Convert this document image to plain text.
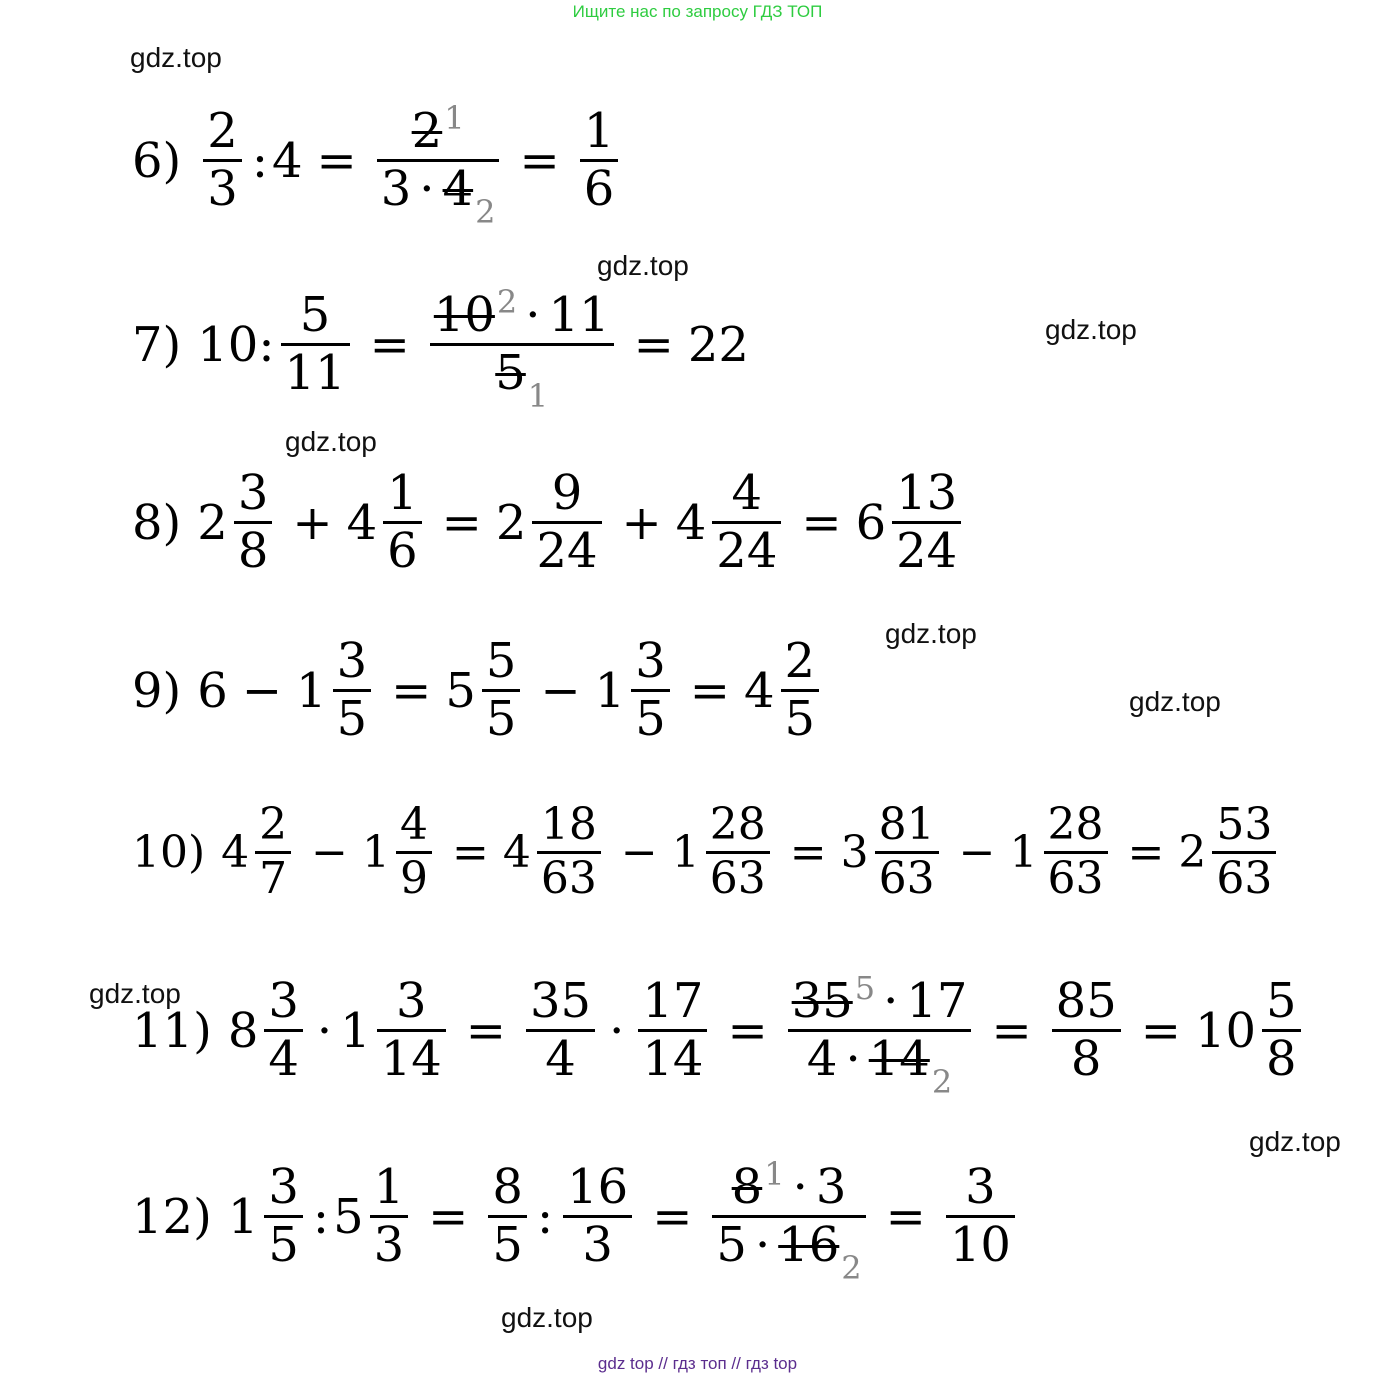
Ищите нас по запросу ГДЗ ТОП
gdz.top
gdz.top
gdz.top
gdz.top
gdz.top
gdz.top
gdz.top
gdz.top
gdz.top
$6) \frac{2}{3}$ : $4 = \frac{2^1}{3 \cdot 4_2} = \frac{1}{6}$
7) 10: $\frac{5}{11} = \frac{10^2 \cdot 11}{5_1} = 22$
8) $2 \frac{3}{8} + 4 \frac{1}{6} = 2 \frac{9}{24} + 4 \frac{4}{24} = 6 \frac{13}{24}$
9) $6 - 1 \frac{3}{5} = 5 \frac{5}{5} - 1 \frac{3}{5} = 4 \frac{2}{5}$
10) $4 \frac{2}{7} - 1 \frac{4}{9} = 4 \frac{18}{63} - 1 \frac{28}{63} = 3 \frac{81}{63} - 1 \frac{28}{63} = 2 \frac{53}{63}$
11) $8 \frac{3}{4} \cdot 1 \frac{3}{14} = \frac{35}{4} \cdot \frac{17}{14} = \frac{35^5 \cdot 17}{4 \cdot 14_2} = \frac{85}{8} = 10 \frac{5}{8}$
12) $1 \frac{3}{5}$ : $5 \frac{1}{3} = \frac{8}{5}$ : $\frac{16}{3} = \frac{8^1 \cdot 3}{5 \cdot 16_2} = \frac{3}{10}$
gdz top // гдз топ // гдз top
